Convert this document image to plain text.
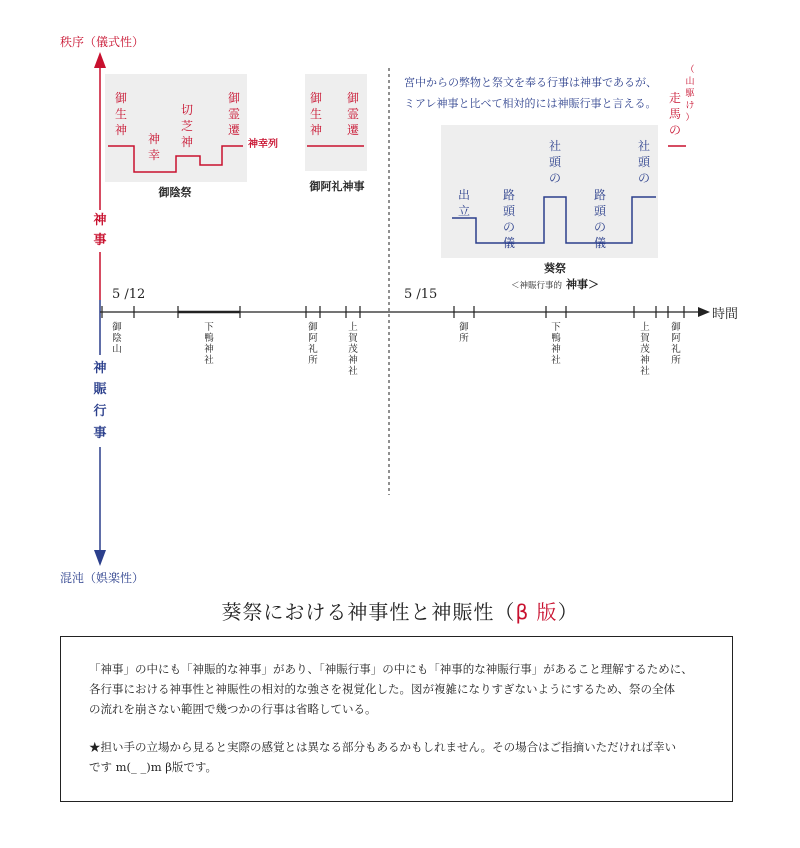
秩序（儀式性）
混沌（娯楽性）
神
事
神
賑
行
事
時間
5 /12	5 /15
御
生
神
神
幸
切
芝
神
御
霊
遷
神幸列
御陰祭
御
生
神
御
霊
遷
御阿礼神事
宮中からの弊物と祭文を奉る行事は神事であるが、
ミアレ神事と比べて相対的には神賑行事と言える。 走
馬
の
（
山
駆
け
）
出
立
路
頭
の
儀
社
頭
の
路
頭
の
儀
社
頭
の
葵祭
＜神賑行事的 神事＞
御
陰
山
下
鴨
神
社
御
阿
礼
所
上
賀
茂
神
社
御
所
下
鴨
神
社
上
賀
茂
神
社
御
阿
礼
所
葵祭における神事性と神賑性（β 版）

「神事」の中にも「神賑的な神事」があり、「神賑行事」の中にも「神事的な神賑行事」があること理解するために、

各行事における神事性と神賑性の相対的な強さを視覚化した。図が複雑になりすぎないようにするため、祭の全体

の流れを崩さない範囲で幾つかの行事は省略している。

★担い手の立場から見ると実際の感覚とは異なる部分もあるかもしれません。その場合はご指摘いただければ幸い

です m(_ _)m β版です。
